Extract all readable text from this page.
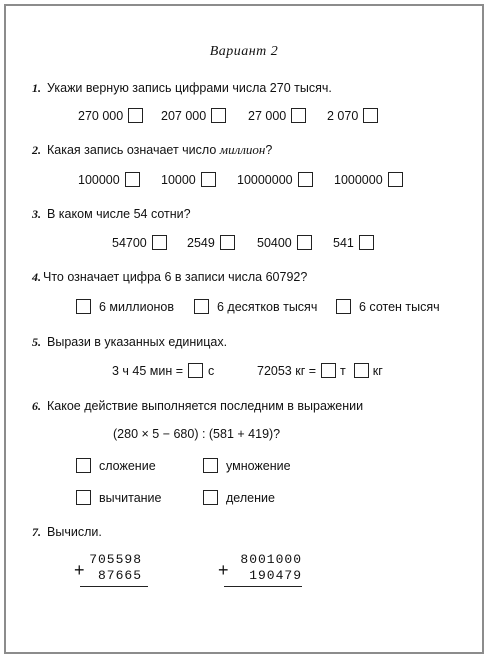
Вариант 2
1. Укажи верную запись цифрами числа 270 тысяч.
270 000	207 000	27 000	2 070
2. Какая запись означает число миллион?
100000	10000	10000000	1000000
3. В каком числе 54 сотни?
54700	2549	50400	541
4. Что означает цифра 6 в записи числа 60792?
6 миллионов	6 десятков тысяч	6 сотен тысяч
5. Вырази в указанных единицах.
3 ч 45 мин = с	72053 кг = т кг
6. Какое действие выполняется последним в выражении
(280 × 5 − 680) : (581 + 419)?
сложение	умножение
вычитание	деление
7. Вычисли.
705598
+ 87665
8001000
+ 190479
